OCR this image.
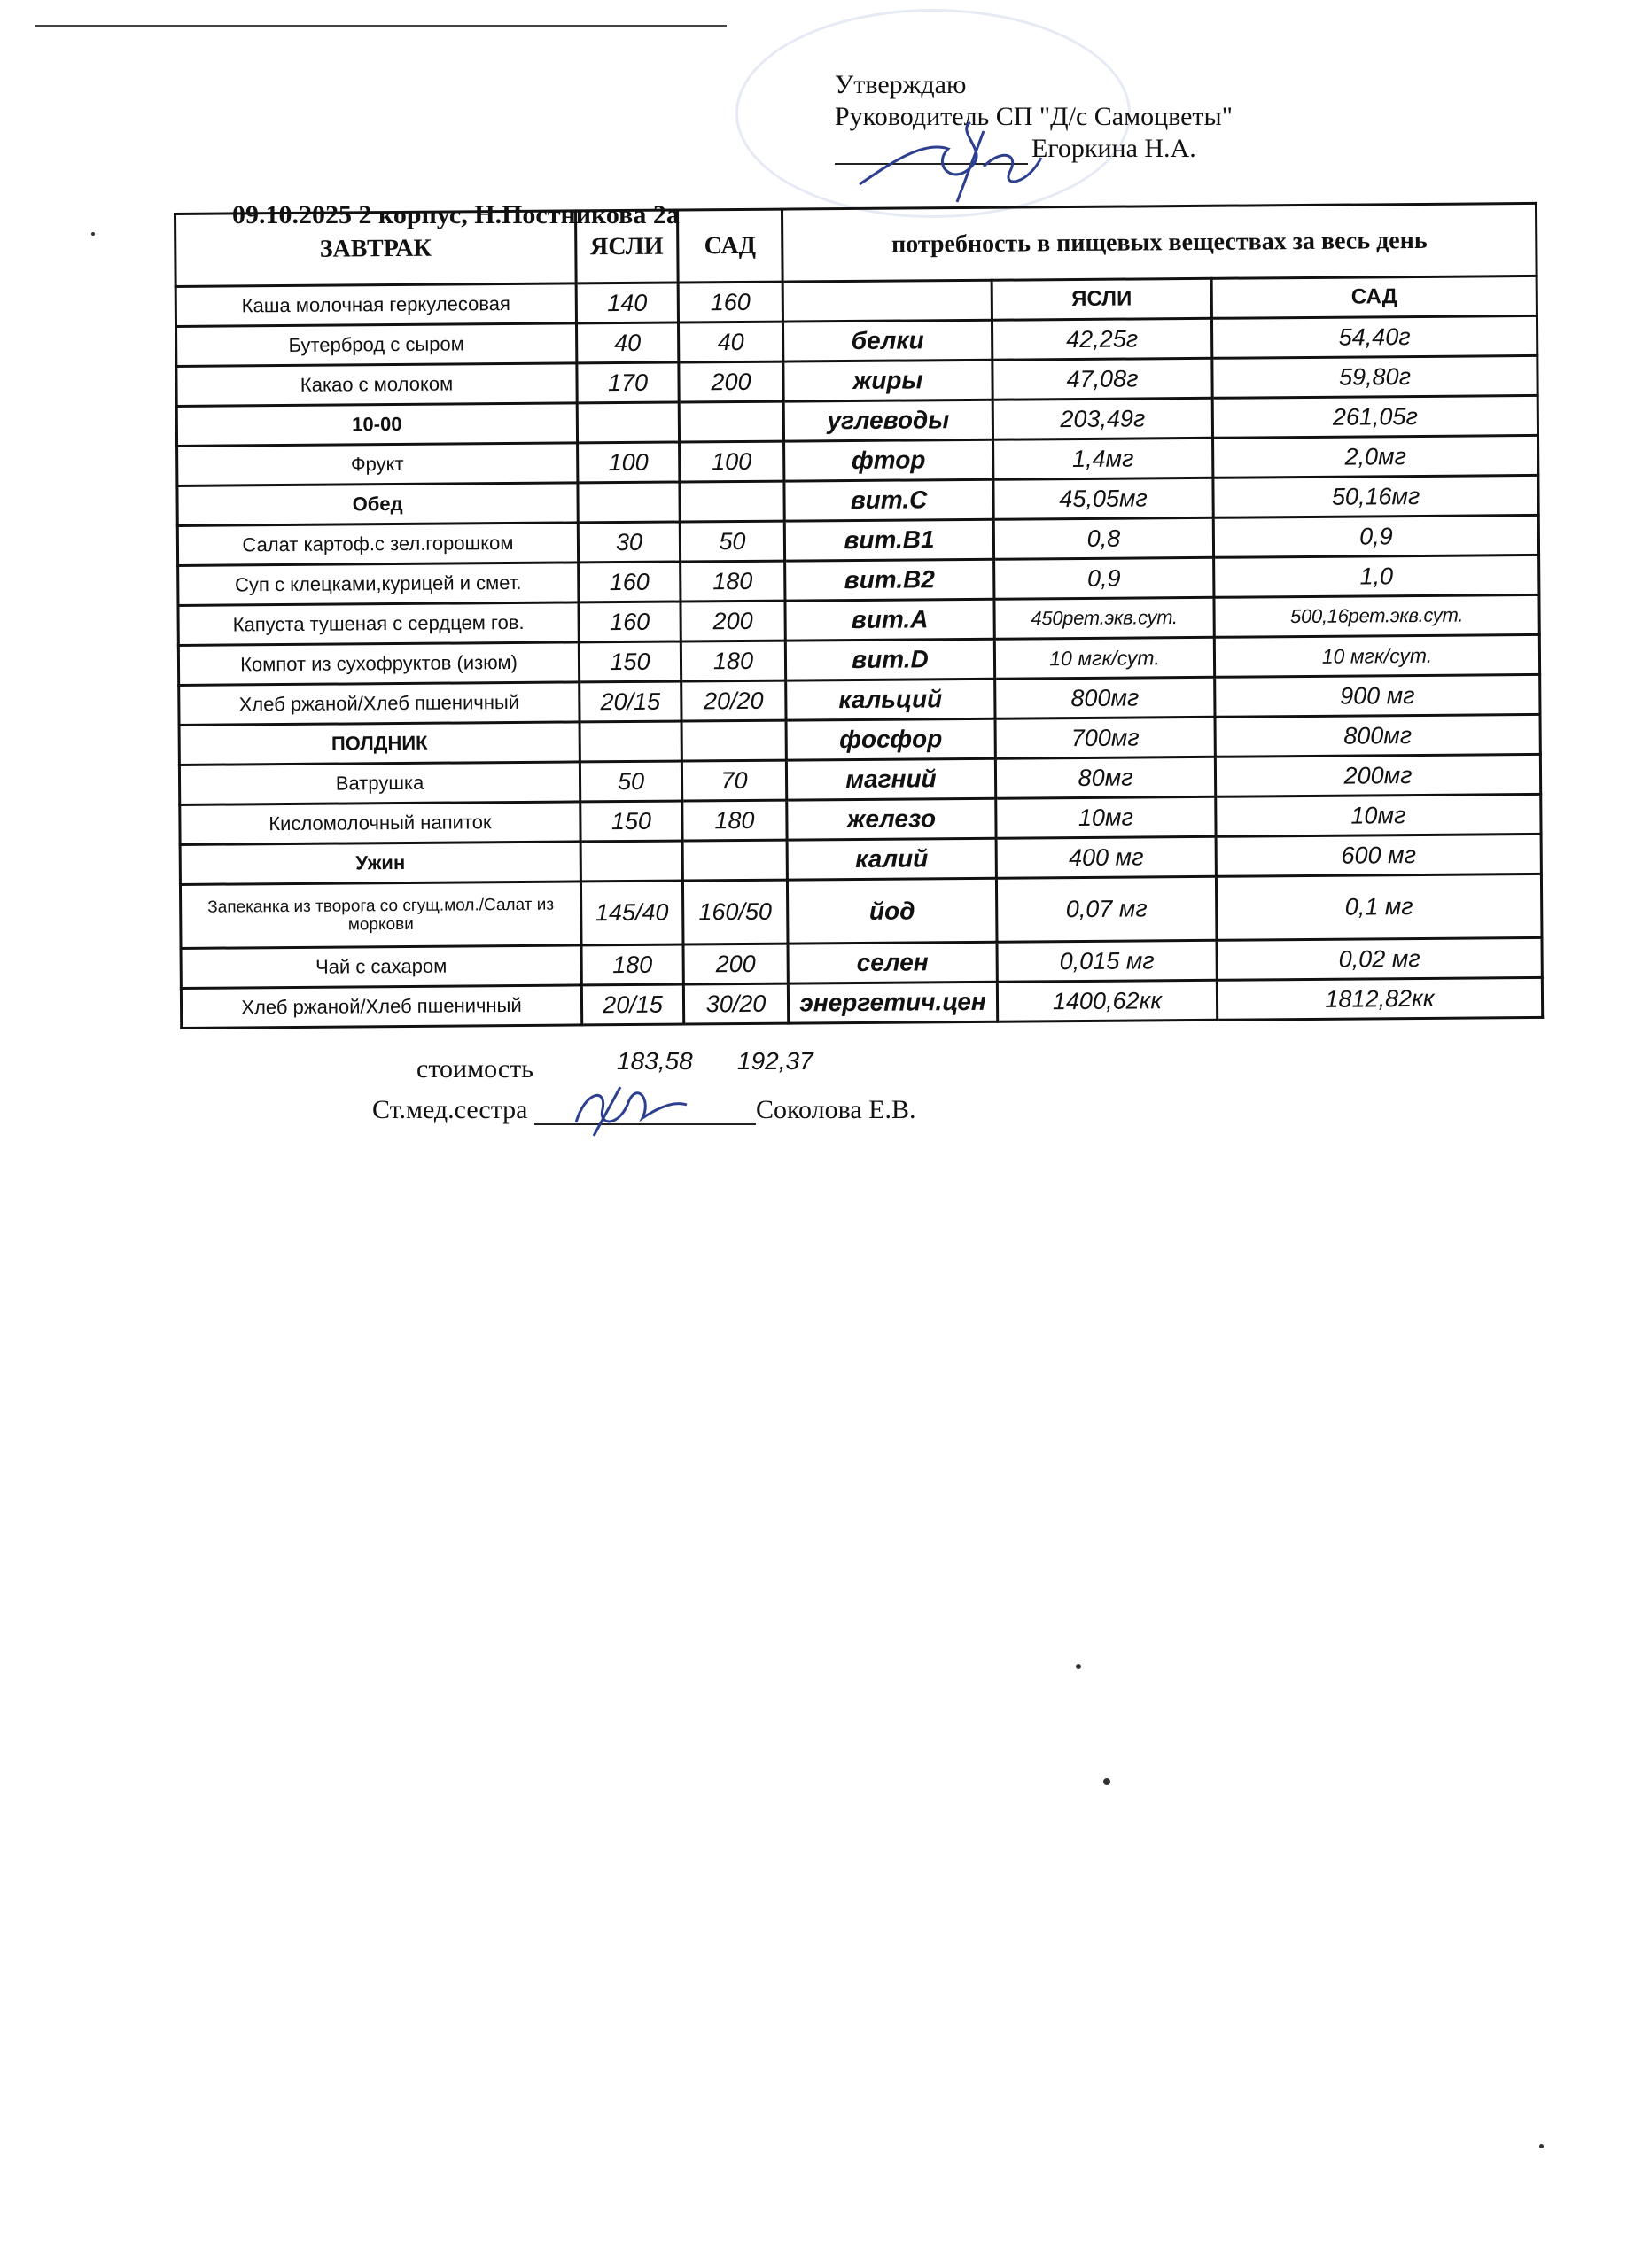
Утверждаю
Руководитель СП "Д/с Самоцветы"
Егоркина Н.А.
09.10.2025 2 корпус, Н.Постникова 2а
ЗАВТРАК	ЯСЛИ	САД	потребность в пищевых веществах за весь день		
Каша молочная геркулесовая	140	160		ЯСЛИ	САД
Бутерброд с сыром	40	40	белки	42,25г	54,40г
Какао с молоком	170	200	жиры	47,08г	59,80г
10-00			углеводы	203,49г	261,05г
Фрукт	100	100	фтор	1,4мг	2,0мг
Обед			вит.С	45,05мг	50,16мг
Салат картоф.с зел.горошком	30	50	вит.В1	0,8	0,9
Суп с клецками,курицей и смет.	160	180	вит.В2	0,9	1,0
Капуста тушеная с сердцем гов.	160	200	вит.А	450рет.экв.сут.	500,16рет.экв.сут.
Компот из сухофруктов (изюм)	150	180	вит.D	10 мгк/сут.	10 мгк/сут.
Хлеб ржаной/Хлеб пшеничный	20/15	20/20	кальций	800мг	900 мг
ПОЛДНИК			фосфор	700мг	800мг
Ватрушка	50	70	магний	80мг	200мг
Кисломолочный напиток	150	180	железо	10мг	10мг
Ужин			калий	400 мг	600 мг
Запеканка из творога со сгущ.мол./Салат из моркови	145/40	160/50	йод	0,07 мг	0,1 мг
Чай с сахаром	180	200	селен	0,015 мг	0,02 мг
Хлеб ржаной/Хлеб пшеничный	20/15	30/20	энергетич.цен	1400,62кк	1812,82кк
стоимость	183,58 192,37
Ст.мед.сестра	Соколова Е.В.
